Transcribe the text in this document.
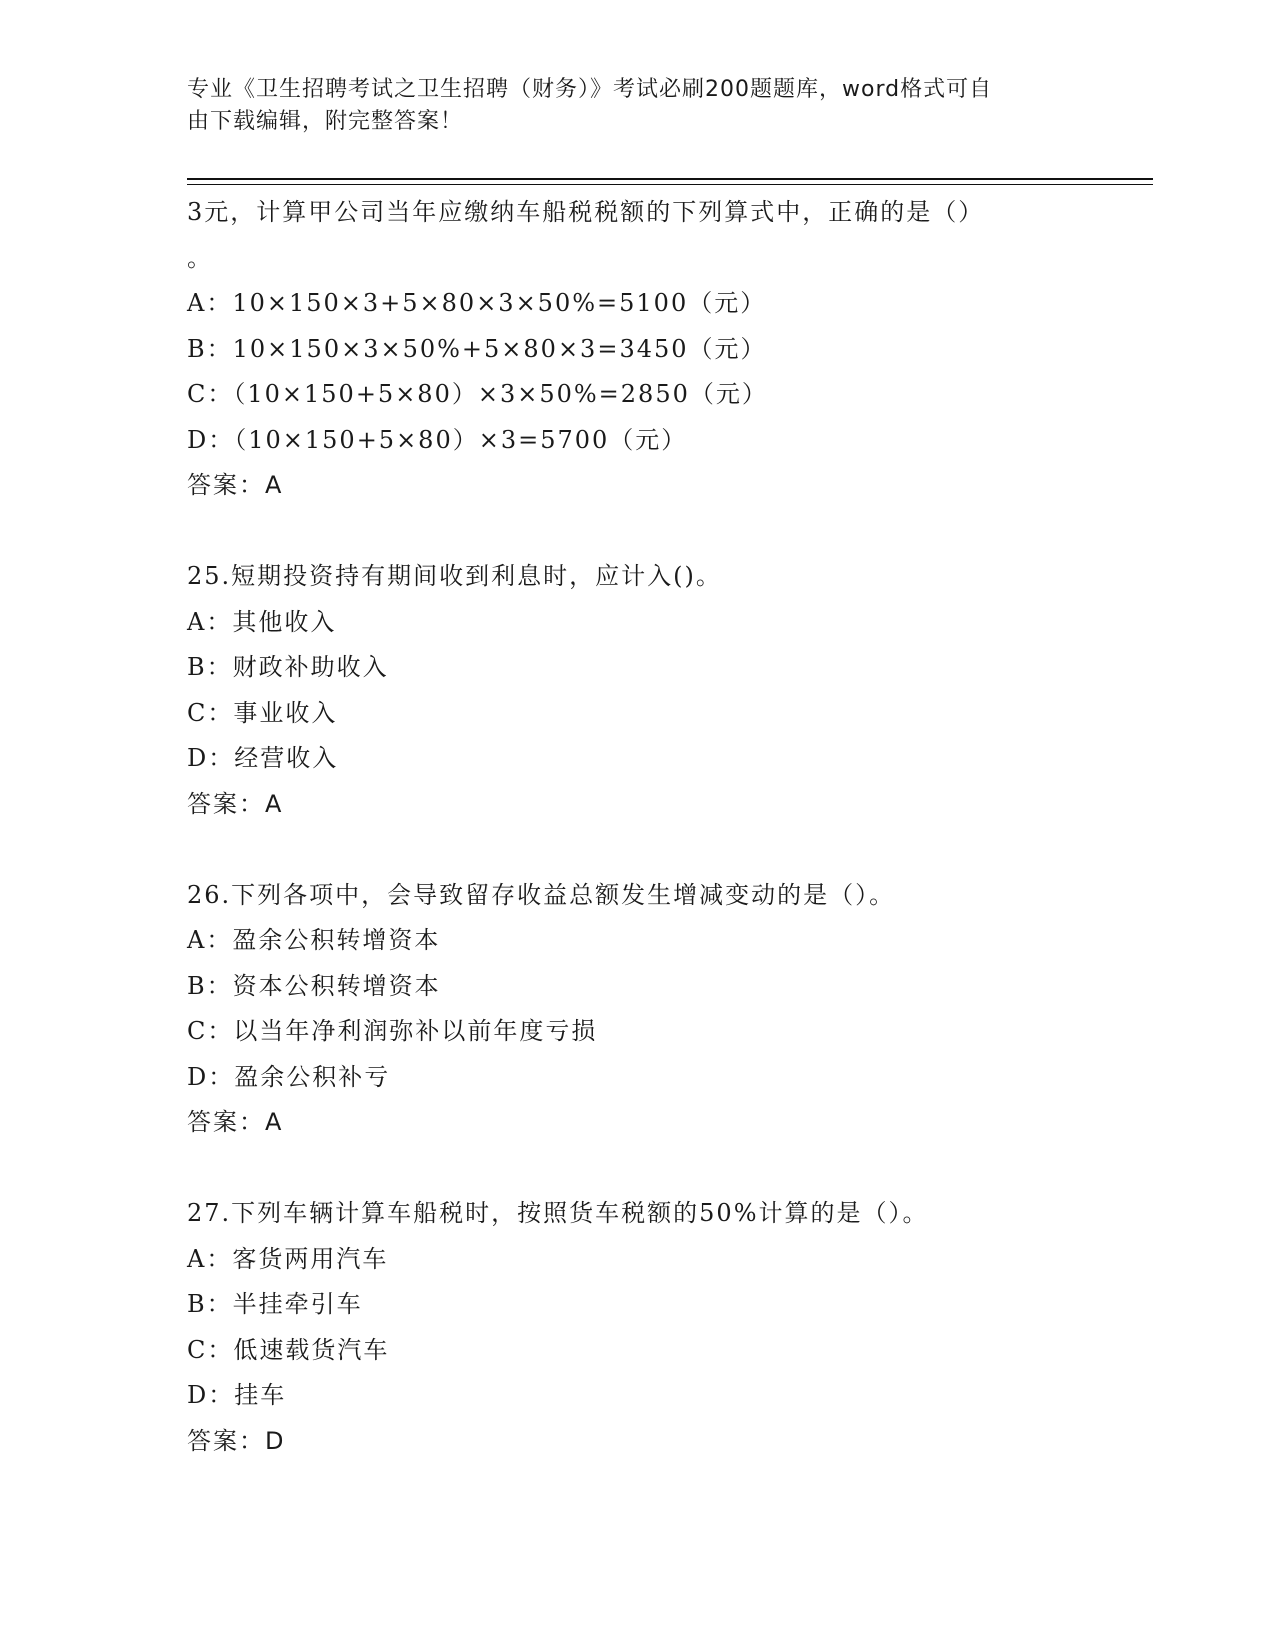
专业《卫生招聘考试之卫生招聘（财务）》考试必刷200题题库，word格式可自
由下载编辑，附完整答案！
3元，计算甲公司当年应缴纳车船税税额的下列算式中，正确的是（）
。
A：10×150×3+5×80×3×50%=5100（元）
B：10×150×3×50%+5×80×3=3450（元）
C：（10×150+5×80）×3×50%=2850（元）
D：（10×150+5×80）×3=5700（元）
答案：A
25.短期投资持有期间收到利息时，应计入()。
A：其他收入
B：财政补助收入
C：事业收入
D：经营收入
答案：A
26.下列各项中，会导致留存收益总额发生增减变动的是（）。
A：盈余公积转增资本
B：资本公积转增资本
C：以当年净利润弥补以前年度亏损
D：盈余公积补亏
答案：A
27.下列车辆计算车船税时，按照货车税额的50%计算的是（）。
A：客货两用汽车
B：半挂牵引车
C：低速载货汽车
D：挂车
答案：D
